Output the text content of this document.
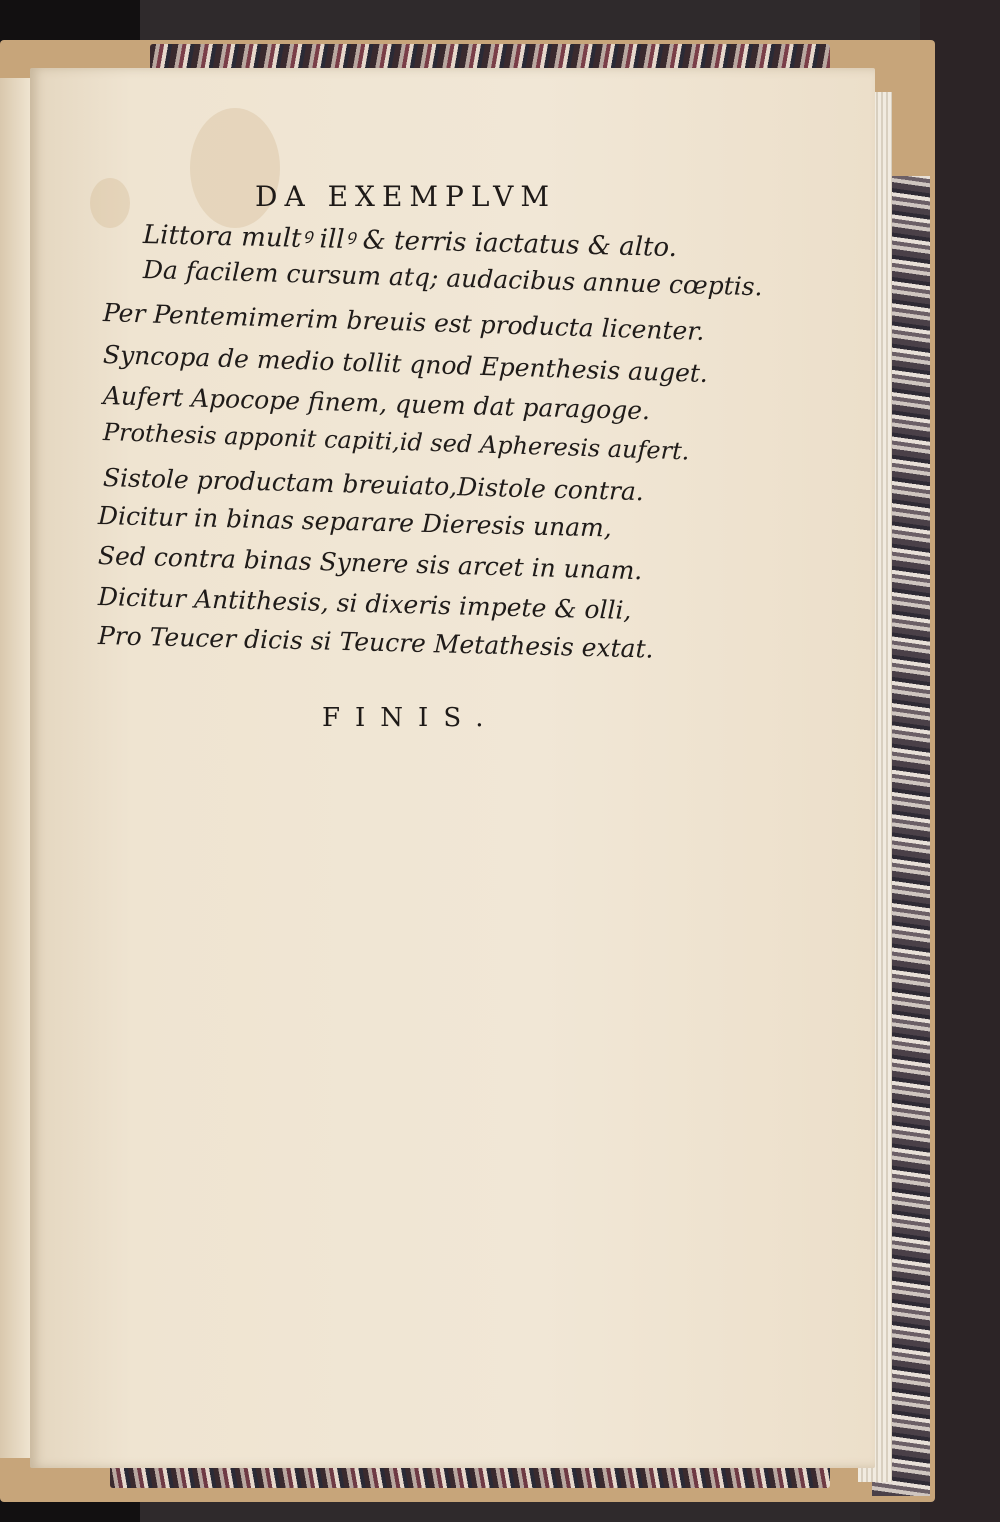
DA EXEMPLVM
Littora multꝰ illꝰ & terris iactatus & alto.
Da facilem cursum atq; audacibus annue cœptis.
Per Pentemimerim breuis est producta licenter.
Syncopa de medio tollit qnod Epenthesis auget.
Aufert Apocope finem, quem dat paragoge.
Prothesis apponit capiti,id sed Apheresis aufert.
Sistole productam breuiato,Distole contra.
Dicitur in binas separare Dieresis unam,
Sed contra binas Synere sis arcet in unam.
Dicitur Antithesis, si dixeris impete & olli,
Pro Teucer dicis si Teucre Metathesis extat.
FINIS.
